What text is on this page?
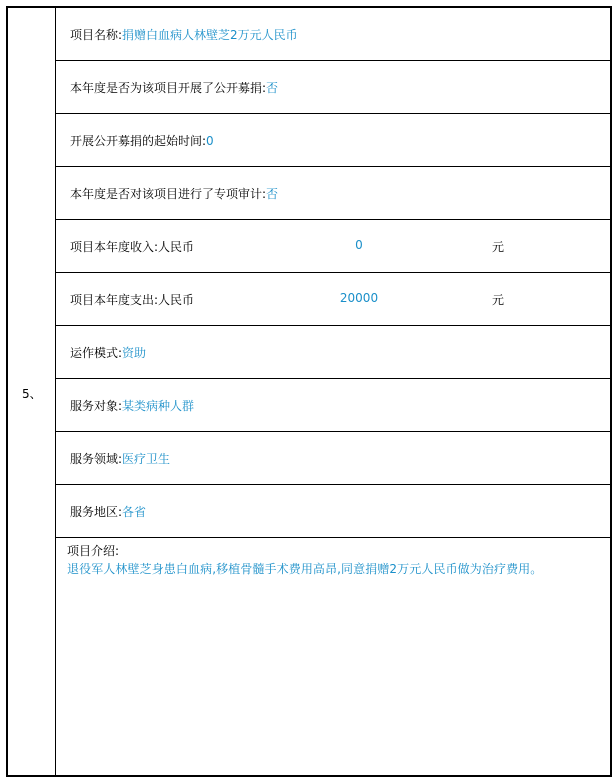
5、
项目名称:捐赠白血病人林壁芝2万元人民币
本年度是否为该项目开展了公开募捐:否
开展公开募捐的起始时间:0
本年度是否对该项目进行了专项审计:否
项目本年度收入:人民币	0	元
项目本年度支出:人民币	20000	元
运作模式:资助
服务对象:某类病种人群
服务领域:医疗卫生
服务地区:各省
项目介绍:
退役军人林壁芝身患白血病,移植骨髓手术费用高昂,同意捐赠2万元人民币做为治疗费用。
